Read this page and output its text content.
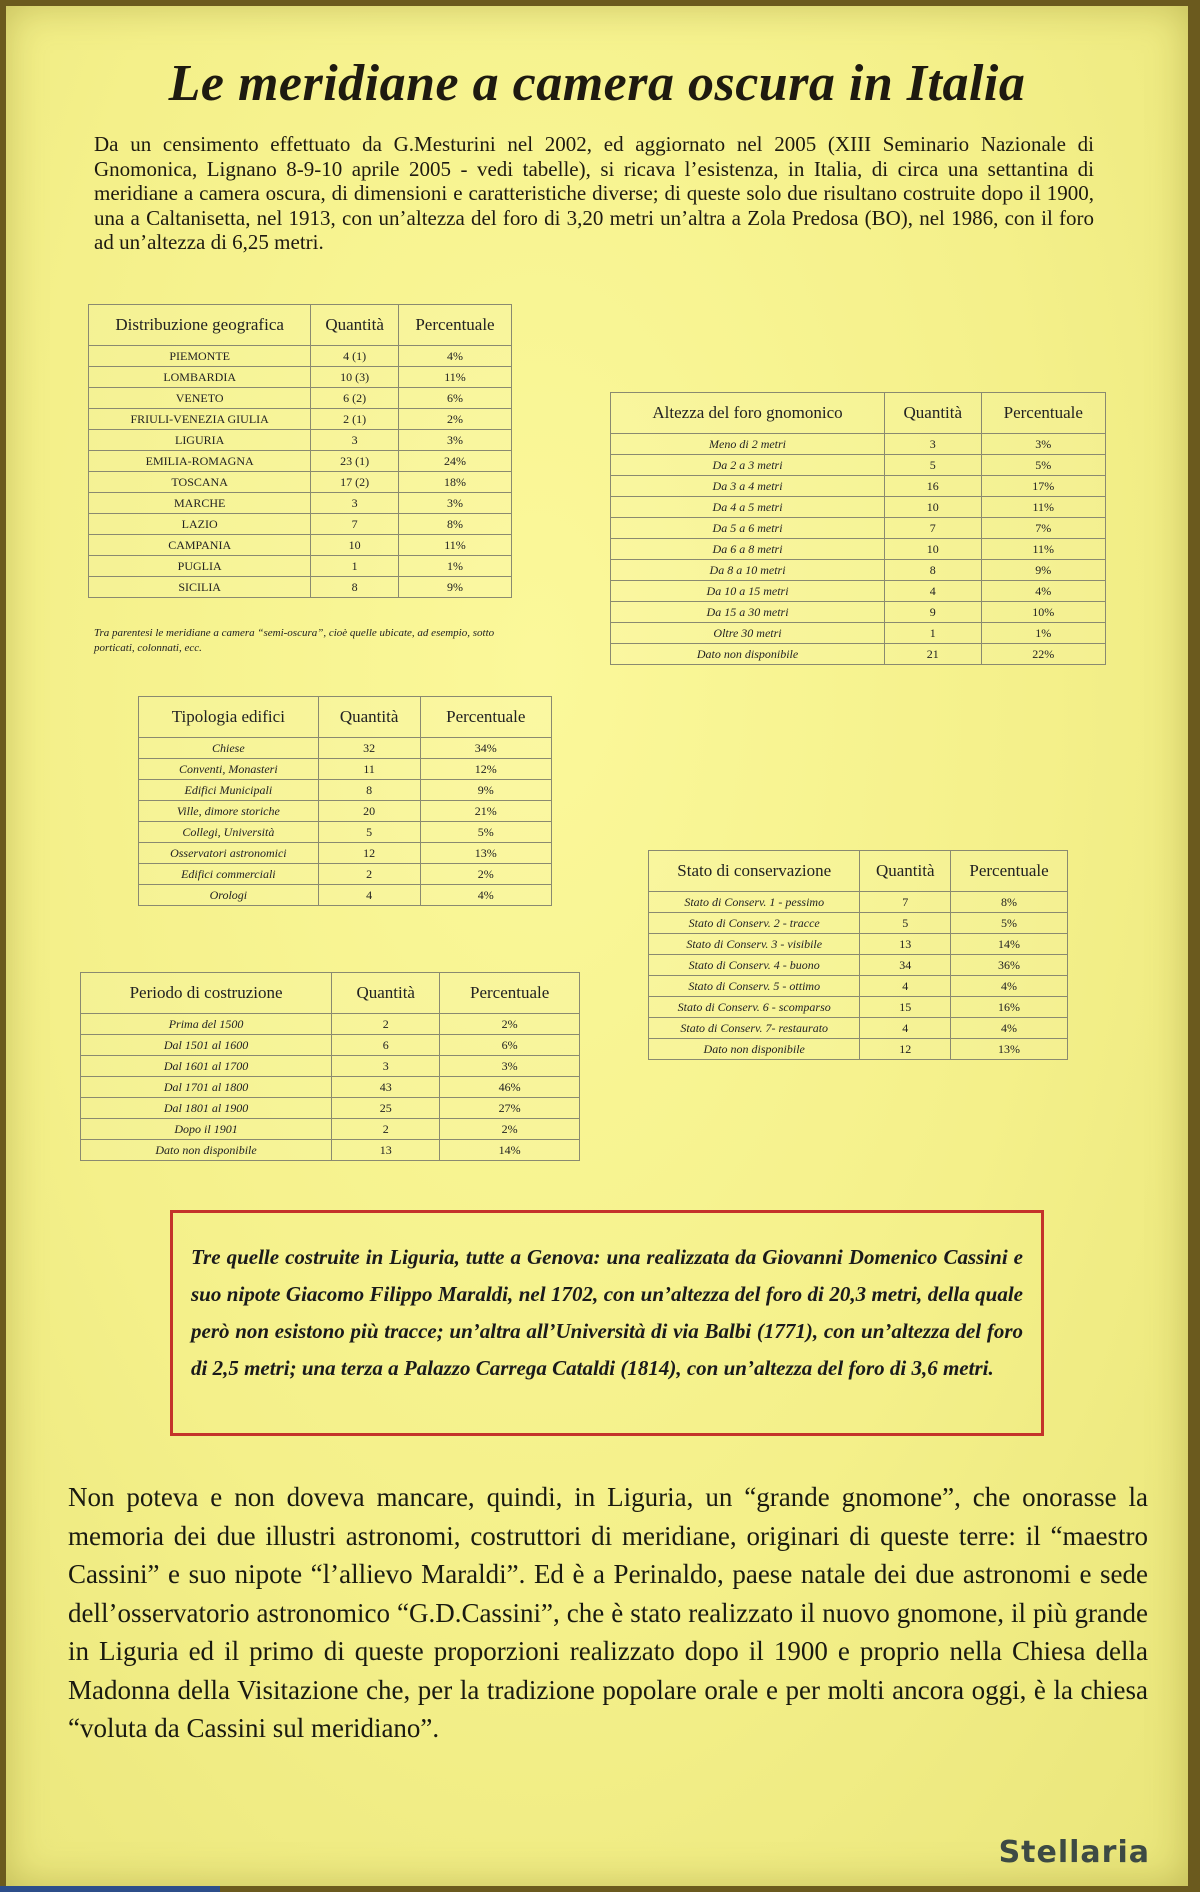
Le meridiane a camera oscura in Italia
Da un censimento effettuato da G.Mesturini nel 2002, ed aggiornato nel 2005 (XIII Seminario Nazionale di Gnomonica, Lignano 8-9-10 aprile 2005 - vedi tabelle), si ricava l’esistenza, in Italia, di circa una settantina di meridiane a camera oscura, di dimensioni e caratteristiche diverse; di queste solo due risultano costruite dopo il 1900, una a Caltanisetta, nel 1913, con un’altezza del foro di 3,20 metri un’altra a Zola Predosa (BO), nel 1986, con il foro ad un’altezza di 6,25 metri.
Distribuzione geografica	Quantità	Percentuale
PIEMONTE	4 (1)	4%
LOMBARDIA	10 (3)	11%
VENETO	6 (2)	6%
FRIULI-VENEZIA GIULIA	2 (1)	2%
LIGURIA	3	3%
EMILIA-ROMAGNA	23 (1)	24%
TOSCANA	17 (2)	18%
MARCHE	3	3%
LAZIO	7	8%
CAMPANIA	10	11%
PUGLIA	1	1%
SICILIA	8	9%
Tra parentesi le meridiane a camera “semi-oscura”, cioè quelle ubicate, ad esempio, sotto porticati, colonnati, ecc.
Altezza del foro gnomonico	Quantità	Percentuale
Meno di 2 metri	3	3%
Da 2 a 3 metri	5	5%
Da 3 a 4 metri	16	17%
Da 4 a 5 metri	10	11%
Da 5 a 6 metri	7	7%
Da 6 a 8 metri	10	11%
Da 8 a 10 metri	8	9%
Da 10 a 15 metri	4	4%
Da 15 a 30 metri	9	10%
Oltre 30 metri	1	1%
Dato non disponibile	21	22%
Tipologia edifici	Quantità	Percentuale
Chiese	32	34%
Conventi, Monasteri	11	12%
Edifici Municipali	8	9%
Ville, dimore storiche	20	21%
Collegi, Università	5	5%
Osservatori astronomici	12	13%
Edifici commerciali	2	2%
Orologi	4	4%
Stato di conservazione	Quantità	Percentuale
Stato di Conserv. 1 - pessimo	7	8%
Stato di Conserv. 2 - tracce	5	5%
Stato di Conserv. 3 - visibile	13	14%
Stato di Conserv. 4 - buono	34	36%
Stato di Conserv. 5 - ottimo	4	4%
Stato di Conserv. 6 - scomparso	15	16%
Stato di Conserv. 7- restaurato	4	4%
Dato non disponibile	12	13%
Periodo di costruzione	Quantità	Percentuale
Prima del 1500	2	2%
Dal 1501 al 1600	6	6%
Dal 1601 al 1700	3	3%
Dal 1701 al 1800	43	46%
Dal 1801 al 1900	25	27%
Dopo il 1901	2	2%
Dato non disponibile	13	14%
Tre quelle costruite in Liguria, tutte a Genova: una realizzata da Giovanni Domenico Cassini e suo nipote Giacomo Filippo Maraldi, nel 1702, con un’altezza del foro di 20,3 metri, della quale però non esistono più tracce; un’altra all’Università di via Balbi (1771), con un’altezza del foro di 2,5 metri; una terza a Palazzo Carrega Cataldi (1814), con un’altezza del foro di 3,6 metri.
Non poteva e non doveva mancare, quindi, in Liguria, un “grande gnomone”, che onorasse la memoria dei due illustri astronomi, costruttori di meridiane, originari di queste terre: il “maestro Cassini” e suo nipote “l’allievo Maraldi”. Ed è a Perinaldo, paese natale dei due astronomi e sede dell’osservatorio astronomico “G.D.Cassini”, che è stato realizzato il nuovo gnomone, il più grande in Liguria ed il primo di queste proporzioni realizzato dopo il 1900 e proprio nella Chiesa della Madonna della Visitazione che, per la tradizione popolare orale e per molti ancora oggi, è la chiesa “voluta da Cassini sul meridiano”.
Stellaria
